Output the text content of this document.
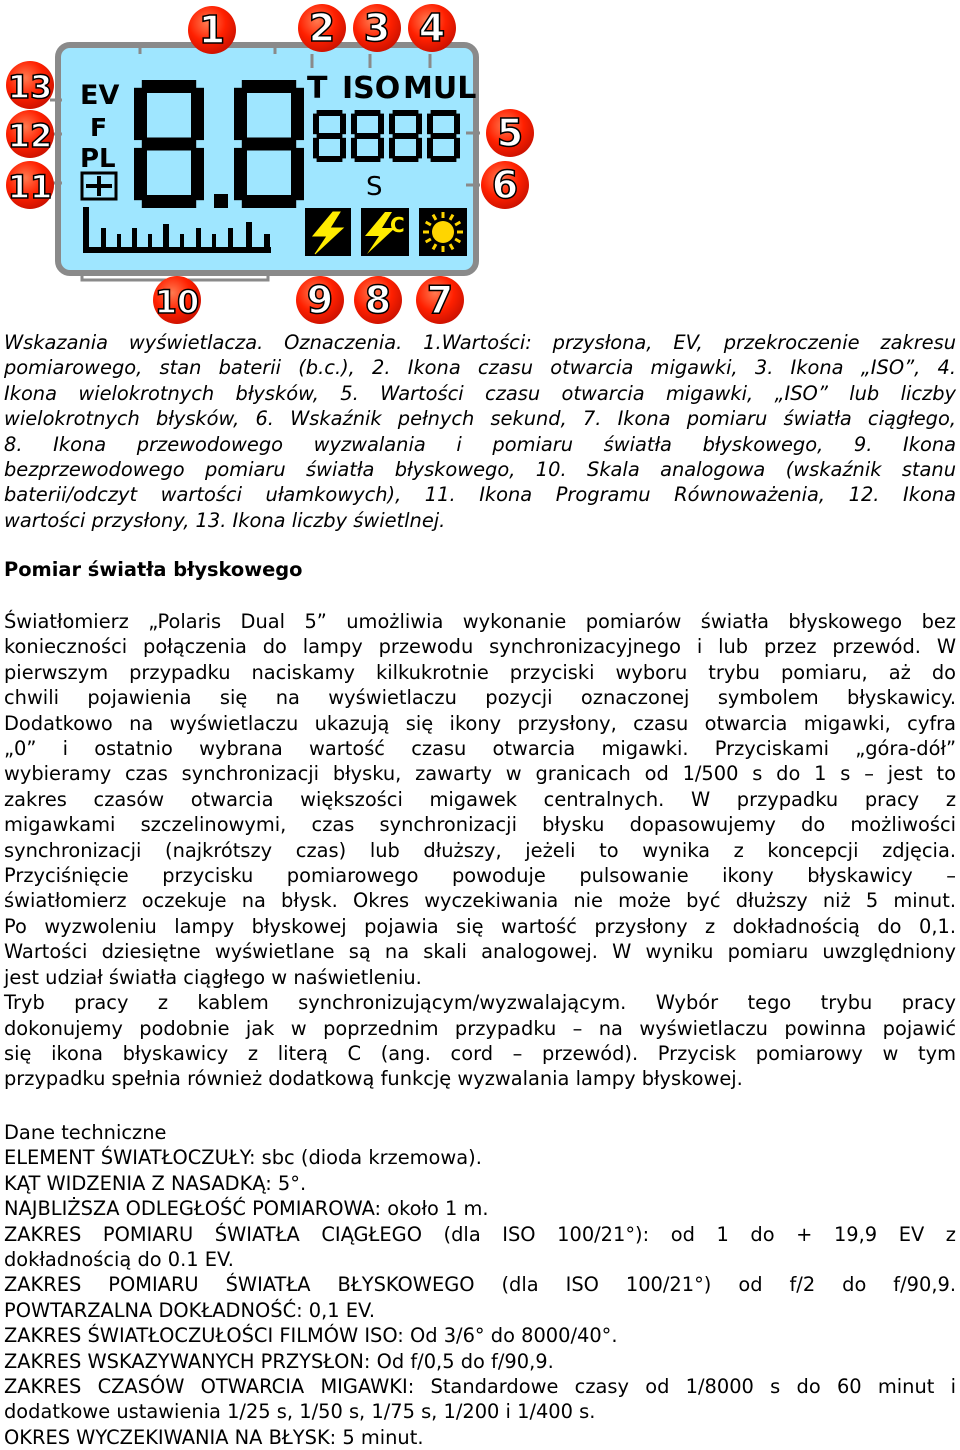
EV
F
PL
T ISO MUL
S
C
1 2 3 4
5
6
7
8
9
10
11
12
13
Wskazania wyświetlacza. Oznaczenia. 1.Wartości: przysłona, EV, przekroczenie zakresu
pomiarowego, stan baterii (b.c.), 2. Ikona czasu otwarcia migawki, 3. Ikona „ISO”, 4.
Ikona wielokrotnych błysków, 5. Wartości czasu otwarcia migawki, „ISO” lub liczby
wielokrotnych błysków, 6. Wskaźnik pełnych sekund, 7. Ikona pomiaru światła ciągłego,
8. Ikona przewodowego wyzwalania i pomiaru światła błyskowego, 9. Ikona
bezprzewodowego pomiaru światła błyskowego, 10. Skala analogowa (wskaźnik stanu
baterii/odczyt wartości ułamkowych), 11. Ikona Programu Równoważenia, 12. Ikona
wartości przysłony, 13. Ikona liczby świetlnej.
Pomiar światła błyskowego
Światłomierz „Polaris Dual 5” umożliwia wykonanie pomiarów światła błyskowego bez
konieczności połączenia do lampy przewodu synchronizacyjnego i lub przez przewód. W
pierwszym przypadku naciskamy kilkukrotnie przyciski wyboru trybu pomiaru, aż do
chwili pojawienia się na wyświetlaczu pozycji oznaczonej symbolem błyskawicy.
Dodatkowo na wyświetlaczu ukazują się ikony przysłony, czasu otwarcia migawki, cyfra
„0” i ostatnio wybrana wartość czasu otwarcia migawki. Przyciskami „góra-dół”
wybieramy czas synchronizacji błysku, zawarty w granicach od 1/500 s do 1 s – jest to
zakres czasów otwarcia większości migawek centralnych. W przypadku pracy z
migawkami szczelinowymi, czas synchronizacji błysku dopasowujemy do możliwości
synchronizacji (najkrótszy czas) lub dłuższy, jeżeli to wynika z koncepcji zdjęcia.
Przyciśnięcie przycisku pomiarowego powoduje pulsowanie ikony błyskawicy –
światłomierz oczekuje na błysk. Okres wyczekiwania nie może być dłuższy niż 5 minut.
Po wyzwoleniu lampy błyskowej pojawia się wartość przysłony z dokładnością do 0,1.
Wartości dziesiętne wyświetlane są na skali analogowej. W wyniku pomiaru uwzględniony
jest udział światła ciągłego w naświetleniu.
Tryb pracy z kablem synchronizującym/wyzwalającym. Wybór tego trybu pracy
dokonujemy podobnie jak w poprzednim przypadku – na wyświetlaczu powinna pojawić
się ikona błyskawicy z literą C (ang. cord – przewód). Przycisk pomiarowy w tym
przypadku spełnia również dodatkową funkcję wyzwalania lampy błyskowej.
Dane techniczne
ELEMENT ŚWIATŁOCZUŁY: sbc (dioda krzemowa).
KĄT WIDZENIA Z NASADKĄ: 5°.
NAJBLIŻSZA ODLEGŁOŚĆ POMIAROWA: około 1 m.
ZAKRES POMIARU ŚWIATŁA CIĄGŁEGO (dla ISO 100/21°): od 1 do + 19,9 EV z
dokładnością do 0.1 EV.
ZAKRES POMIARU ŚWIATŁA BŁYSKOWEGO (dla ISO 100/21°) od f/2 do f/90,9.
POWTARZALNA DOKŁADNOŚĆ: 0,1 EV.
ZAKRES ŚWIATŁOCZUŁOŚCI FILMÓW ISO: Od 3/6° do 8000/40°.
ZAKRES WSKAZYWANYCH PRZYSŁON: Od f/0,5 do f/90,9.
ZAKRES CZASÓW OTWARCIA MIGAWKI: Standardowe czasy od 1/8000 s do 60 minut i
dodatkowe ustawienia 1/25 s, 1/50 s, 1/75 s, 1/200 i 1/400 s.
OKRES WYCZEKIWANIA NA BŁYSK: 5 minut.
